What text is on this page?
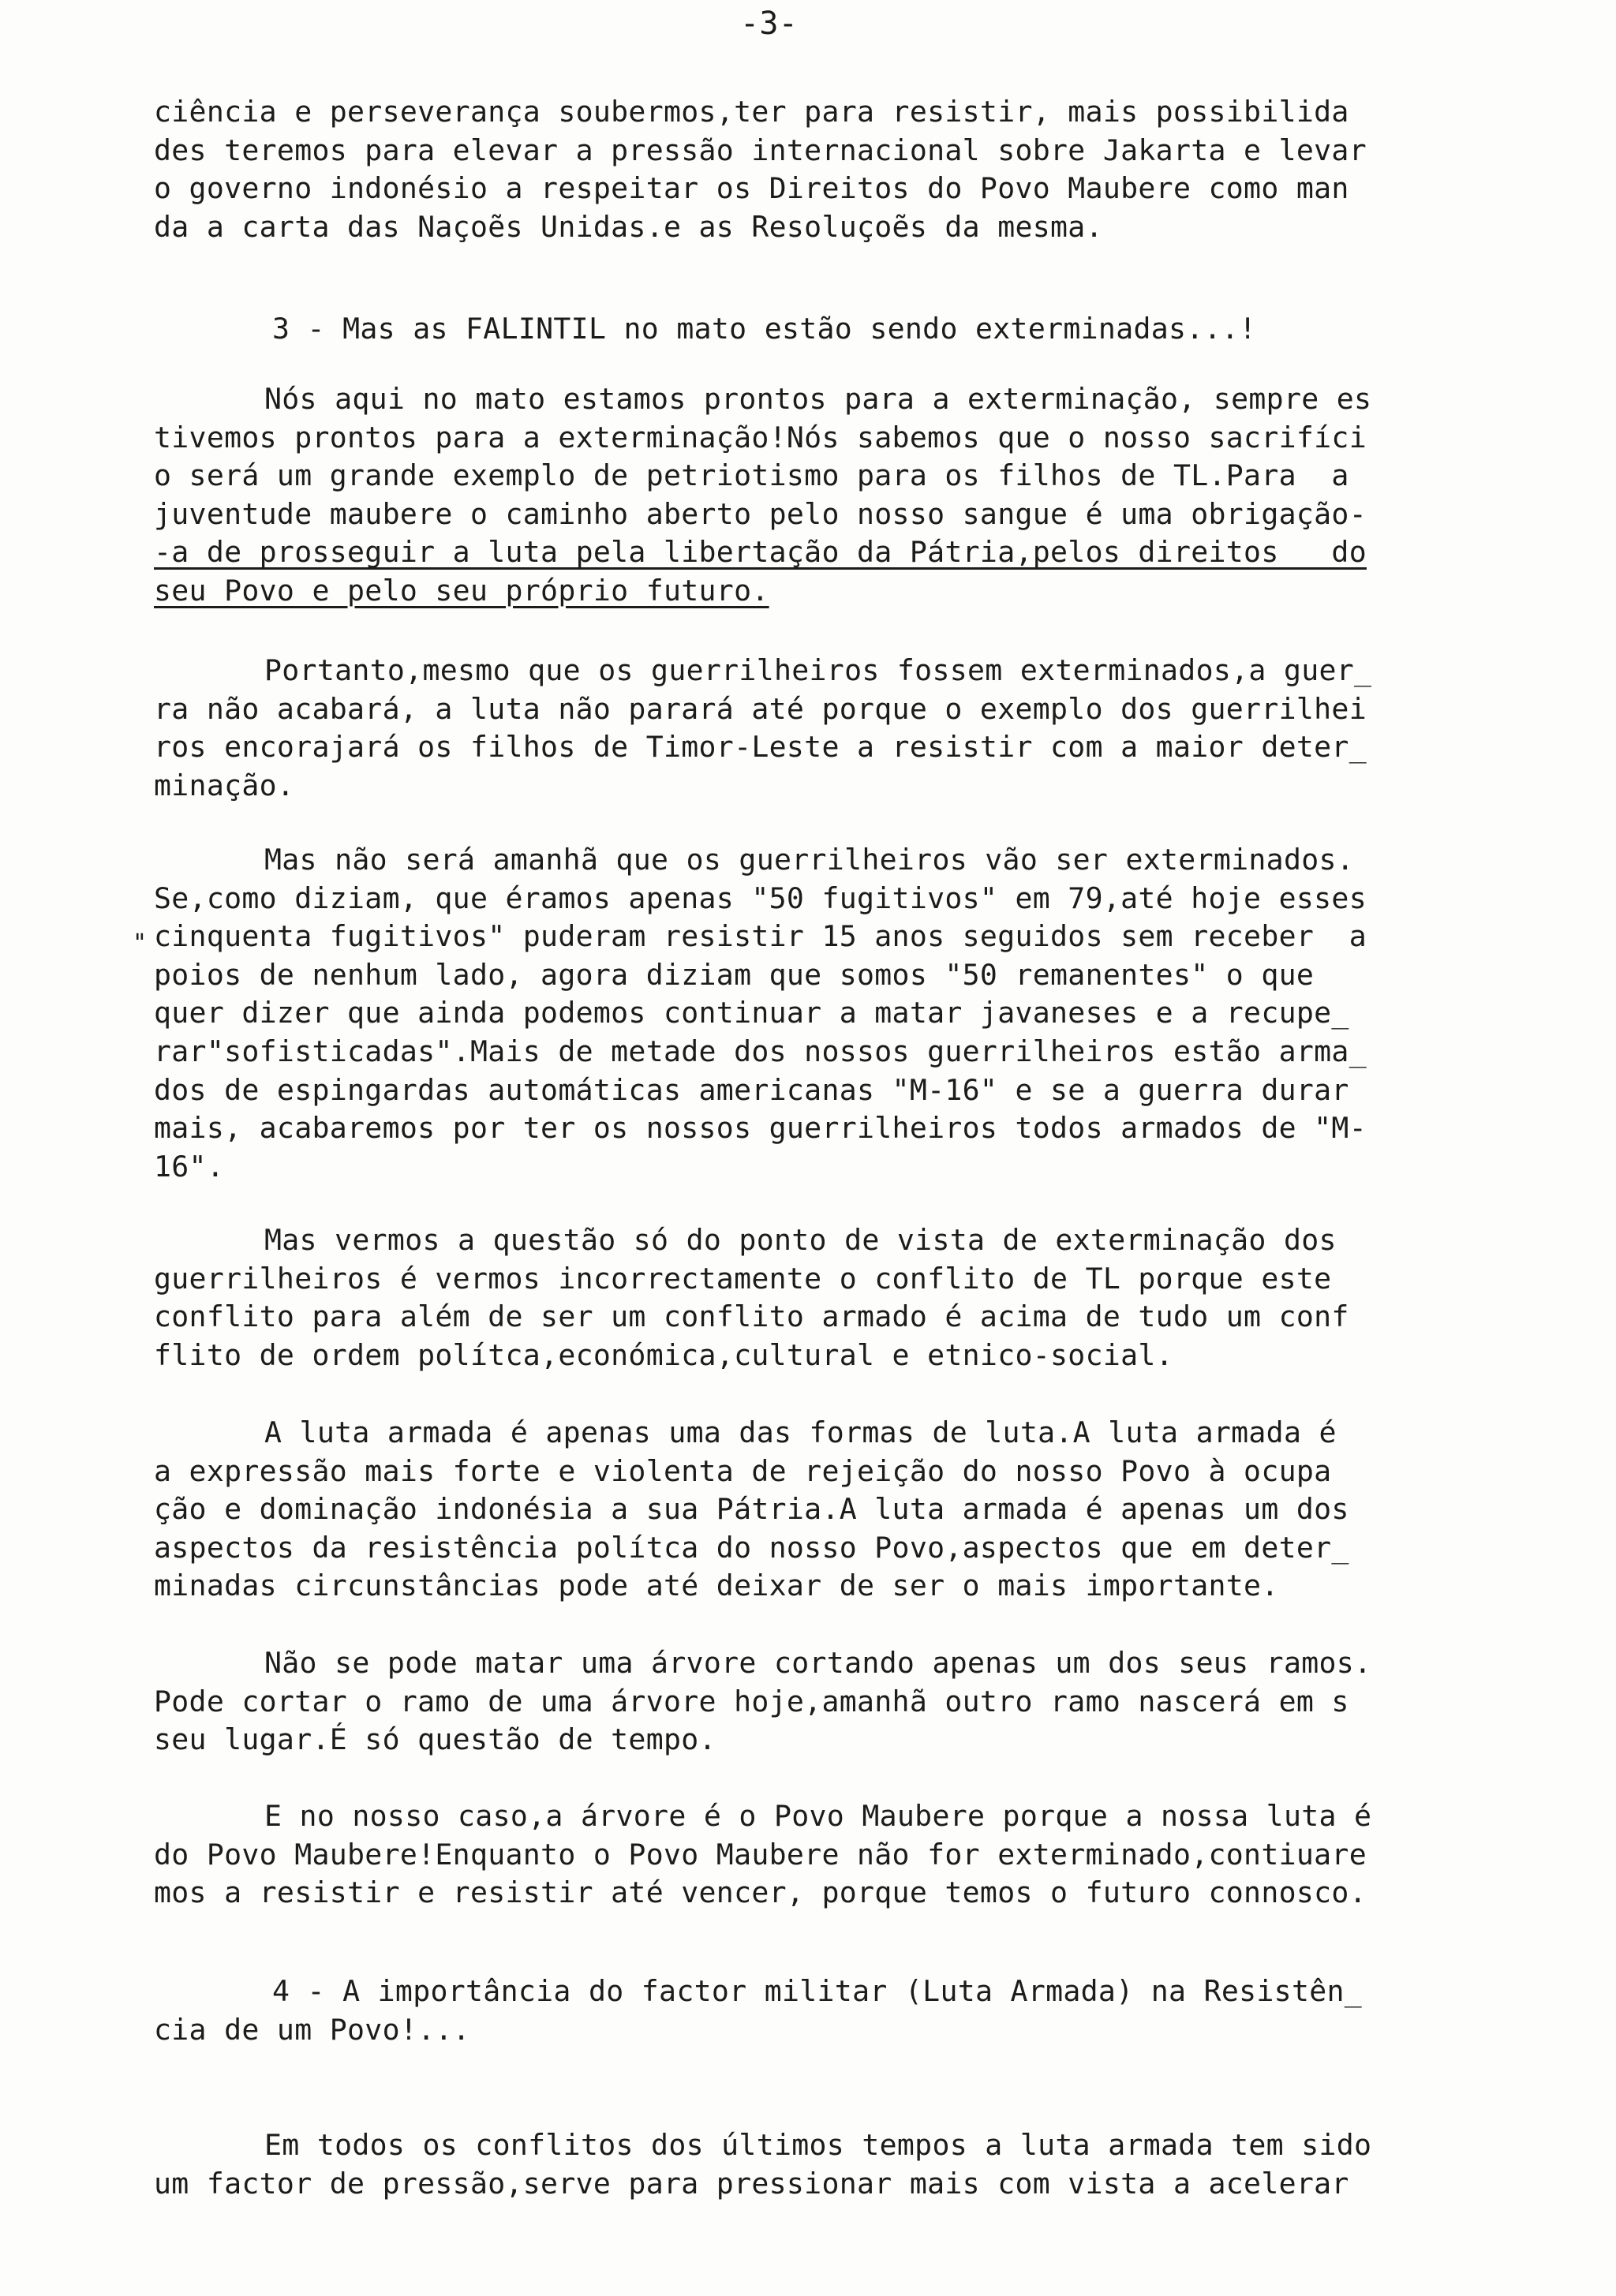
-3-
ciência e perseverança soubermos,ter para resistir, mais possibilida
des teremos para elevar a pressão internacional sobre Jakarta e levar
o governo indonésio a respeitar os Direitos do Povo Maubere como man
da a carta das Naçoẽs Unidas.e as Resoluçoẽs da mesma.
3 - Mas as FALINTIL no mato estão sendo exterminadas...!
Nós aqui no mato estamos prontos para a exterminação, sempre es
tivemos prontos para a exterminação!Nós sabemos que o nosso sacrifíci
o será um grande exemplo de petriotismo para os filhos de TL.Para  a
juventude maubere o caminho aberto pelo nosso sangue é uma obrigação-
-a de prosseguir a luta pela libertação da Pátria,pelos direitos   do
seu Povo e pelo seu próprio futuro.
Portanto,mesmo que os guerrilheiros fossem exterminados,a guer_
ra não acabará, a luta não parará até porque o exemplo dos guerrilhei
ros encorajará os filhos de Timor-Leste a resistir com a maior deter_
minação.
"
Mas não será amanhã que os guerrilheiros vão ser exterminados.
Se,como diziam, que éramos apenas "50 fugitivos" em 79,até hoje esses
cinquenta fugitivos" puderam resistir 15 anos seguidos sem receber  a
poios de nenhum lado, agora diziam que somos "50 remanentes" o que
quer dizer que ainda podemos continuar a matar javaneses e a recupe_
rar"sofisticadas".Mais de metade dos nossos guerrilheiros estão arma_
dos de espingardas automáticas americanas "M-16" e se a guerra durar
mais, acabaremos por ter os nossos guerrilheiros todos armados de "M-
16".
Mas vermos a questão só do ponto de vista de exterminação dos
guerrilheiros é vermos incorrectamente o conflito de TL porque este
conflito para além de ser um conflito armado é acima de tudo um conf
flito de ordem polítca,económica,cultural e etnico-social.
A luta armada é apenas uma das formas de luta.A luta armada é
a expressão mais forte e violenta de rejeição do nosso Povo à ocupa
ção e dominação indonésia a sua Pátria.A luta armada é apenas um dos
aspectos da resistência polítca do nosso Povo,aspectos que em deter_
minadas circunstâncias pode até deixar de ser o mais importante.
Não se pode matar uma árvore cortando apenas um dos seus ramos.
Pode cortar o ramo de uma árvore hoje,amanhã outro ramo nascerá em s
seu lugar.É só questão de tempo.
E no nosso caso,a árvore é o Povo Maubere porque a nossa luta é
do Povo Maubere!Enquanto o Povo Maubere não for exterminado,contiuare
mos a resistir e resistir até vencer, porque temos o futuro connosco.
4 - A importância do factor militar (Luta Armada) na Resistên_
cia de um Povo!...
Em todos os conflitos dos últimos tempos a luta armada tem sido
um factor de pressão,serve para pressionar mais com vista a acelerar
